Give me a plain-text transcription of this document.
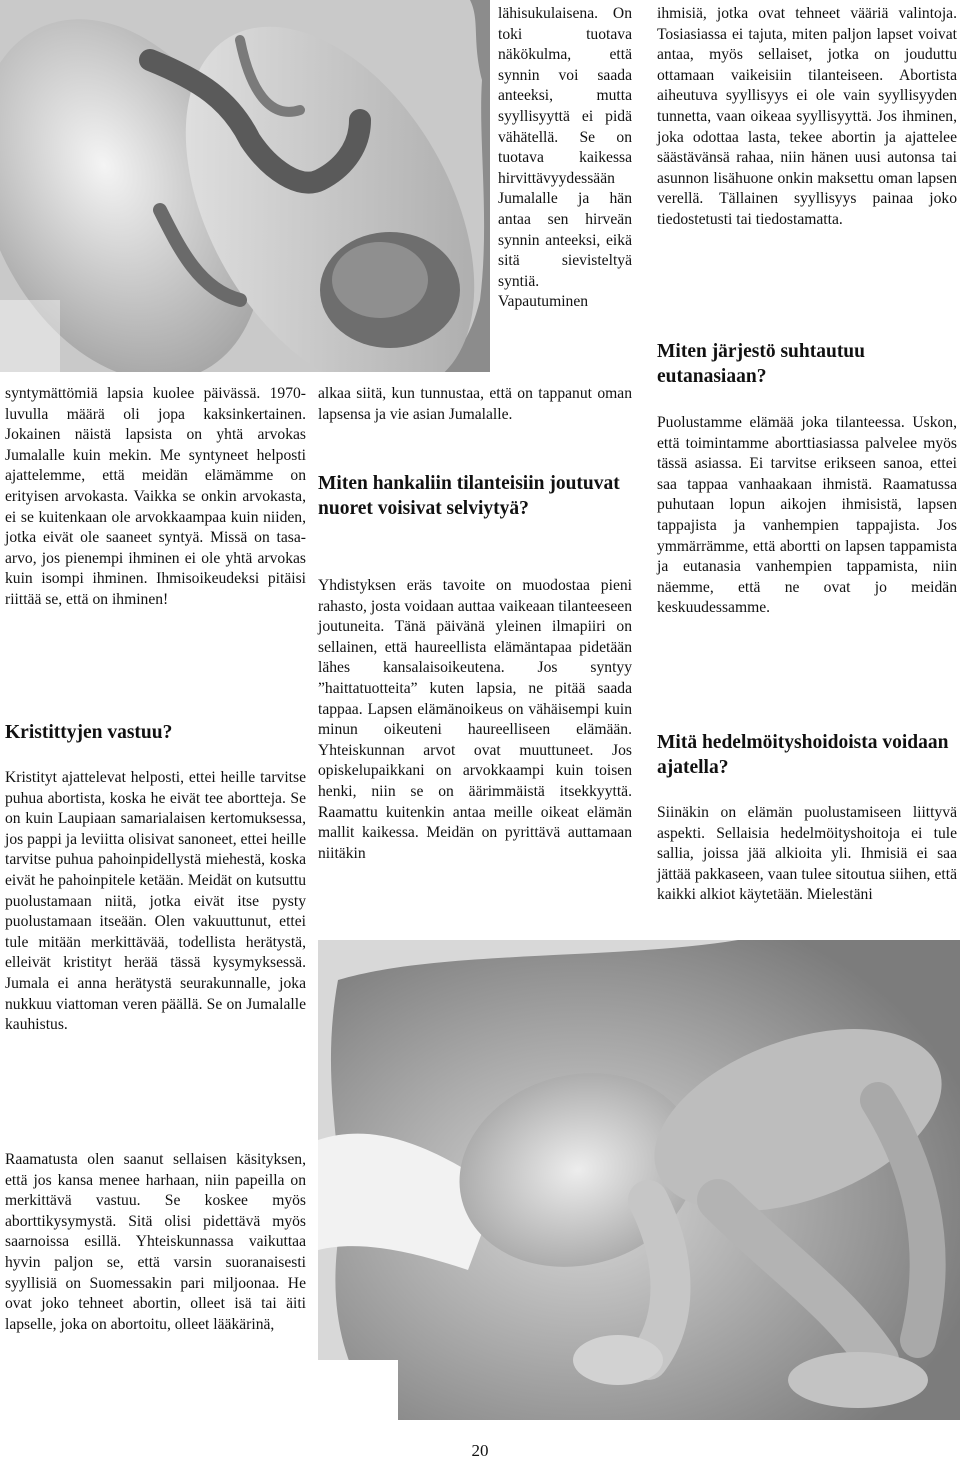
syntymättömiä lapsia kuolee päivässä. 1970-luvulla määrä oli jopa kaksinkertainen. Jokainen näistä lapsista on yhtä arvokas Jumalalle kuin mekin. Me syntyneet helposti ajattelemme, että meidän elämämme on erityisen arvokasta. Vaikka se onkin arvokasta, ei se kuitenkaan ole arvokkaampaa kuin niiden, jotka eivät ole saaneet syntyä. Missä on tasa-arvo, jos pienempi ihminen ei ole yhtä arvokas kuin isompi ihminen. Ihmisoikeudeksi pitäisi riittää se, että on ihminen!

Kristittyjen vastuu?

Kristityt ajattelevat helposti, ettei heille tarvitse puhua abortista, koska he eivät tee abortteja. Se on kuin Laupiaan samarialaisen kertomuksessa, jos pappi ja leviitta olisivat sanoneet, ettei heille tarvitse puhua pahoinpidellystä miehestä, koska eivät he pahoinpitele ketään. Meidät on kutsuttu puolustamaan niitä, jotka eivät itse pysty puolustamaan itseään. Olen vakuuttunut, ettei tule mitään merkittävää, todellista herätystä, elleivät kristityt herää tässä kysymyksessä. Jumala ei anna herätystä seurakunnalle, joka nukkuu viattoman veren päällä. Se on Jumalalle kauhistus.

Raamatusta olen saanut sellaisen käsityksen, että jos kansa menee harhaan, niin papeilla on merkittävä vastuu. Se koskee myös aborttikysymystä. Sitä olisi pidettävä myös saarnoissa esillä. Yhteiskunnassa vaikuttaa hyvin paljon se, että varsin suoranaisesti syyllisiä on Suomessakin pari miljoonaa. He ovat joko tehneet abortin, olleet isä tai äiti lapselle, joka on abortoitu, olleet lääkärinä,

lähisukulaisena. On toki tuotava näkökulma, että synnin voi saada anteeksi, mutta syyllisyyttä ei pidä vähätellä. Se on tuotava kaikessa hirvittävyydessään Jumalalle ja hän antaa sen hirveän synnin anteeksi, eikä sitä sievisteltyä syntiä. Vapautuminen

alkaa siitä, kun tunnustaa, että on tappanut oman lapsensa ja vie asian Jumalalle.

Miten hankaliin tilanteisiin joutuvat nuoret voisivat selviytyä?

Yhdistyksen eräs tavoite on muodostaa pieni rahasto, josta voidaan auttaa vaikeaan tilanteeseen joutuneita. Tänä päivänä yleinen ilmapiiri on sellainen, että haureellista elämäntapaa pidetään lähes kansalaisoikeutena. Jos syntyy ”haittatuotteita” kuten lapsia, ne pitää saada tappaa. Lapsen elämänoikeus on vähäisempi kuin minun oikeuteni haureelliseen elämään. Yhteiskunnan arvot ovat muuttuneet. Jos opiskelupaikkani on arvokkaampi kuin toisen henki, niin se on äärimmäistä itsekkyyttä. Raamattu kuitenkin antaa meille oikeat elämän mallit kaikessa. Meidän on pyrittävä auttamaan niitäkin

ihmisiä, jotka ovat tehneet vääriä valintoja. Tosiasiassa ei tajuta, miten paljon lapset voivat antaa, myös sellaiset, jotka on jouduttu ottamaan vaikeisiin tilanteiseen. Abortista aiheutuva syyllisyys ei ole vain syyllisyyden tunnetta, vaan oikeaa syyllisyyttä. Jos ihminen, joka odottaa lasta, tekee abortin ja ajattelee säästävänsä rahaa, niin hänen uusi autonsa tai asunnon lisähuone onkin maksettu oman lapsen verellä. Tällainen syyllisyys painaa joko tiedostetusti tai tiedostamatta.

Miten järjestö suhtautuu eutanasiaan?

Puolustamme elämää joka tilanteessa. Uskon, että toimintamme aborttiasiassa palvelee myös tässä asiassa. Ei tarvitse erikseen sanoa, ettei saa tappaa vanhaakaan ihmistä. Raamatussa puhutaan lopun aikojen ihmisistä, lapsen tappajista ja vanhempien tappajista. Jos ymmärrämme, että abortti on lapsen tappamista ja eutanasia vanhempien tappamista, niin näemme, että ne ovat jo meidän keskuudessamme.

Mitä hedelmöityshoidoista voidaan ajatella?

Siinäkin on elämän puolustamiseen liittyvä aspekti. Sellaisia hedelmöityshoitoja ei tule sallia, joissa jää alkioita yli. Ihmisiä ei saa jättää pakkaseen, vaan tulee sitoutua siihen, että kaikki alkiot käytetään. Mielestäni

20
